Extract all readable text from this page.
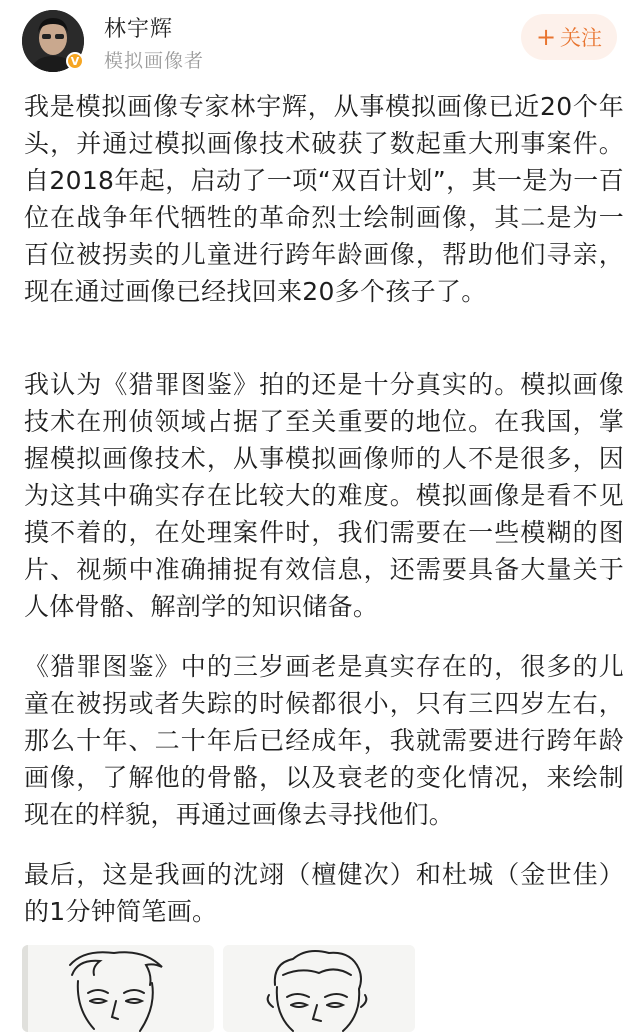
V
林宇辉
模拟画像者
+ 关注

我是模拟画像专家林宇辉，从事模拟画像已近20个年头，并通过模拟画像技术破获了数起重大刑事案件。自2018年起，启动了一项“双百计划”，其一是为一百位在战争年代牺牲的革命烈士绘制画像，其二是为一百位被拐卖的儿童进行跨年龄画像，帮助他们寻亲，现在通过画像已经找回来20多个孩子了。

我认为《猎罪图鉴》拍的还是十分真实的。模拟画像技术在刑侦领域占据了至关重要的地位。在我国，掌握模拟画像技术，从事模拟画像师的人不是很多，因为这其中确实存在比较大的难度。模拟画像是看不见摸不着的，在处理案件时，我们需要在一些模糊的图片、视频中准确捕捉有效信息，还需要具备大量关于人体骨骼、解剖学的知识储备。

《猎罪图鉴》中的三岁画老是真实存在的，很多的儿童在被拐或者失踪的时候都很小，只有三四岁左右，那么十年、二十年后已经成年，我就需要进行跨年龄画像，了解他的骨骼，以及衰老的变化情况，来绘制现在的样貌，再通过画像去寻找他们。

最后，这是我画的沈翊（檀健次）和杜城（金世佳）的1分钟简笔画。
